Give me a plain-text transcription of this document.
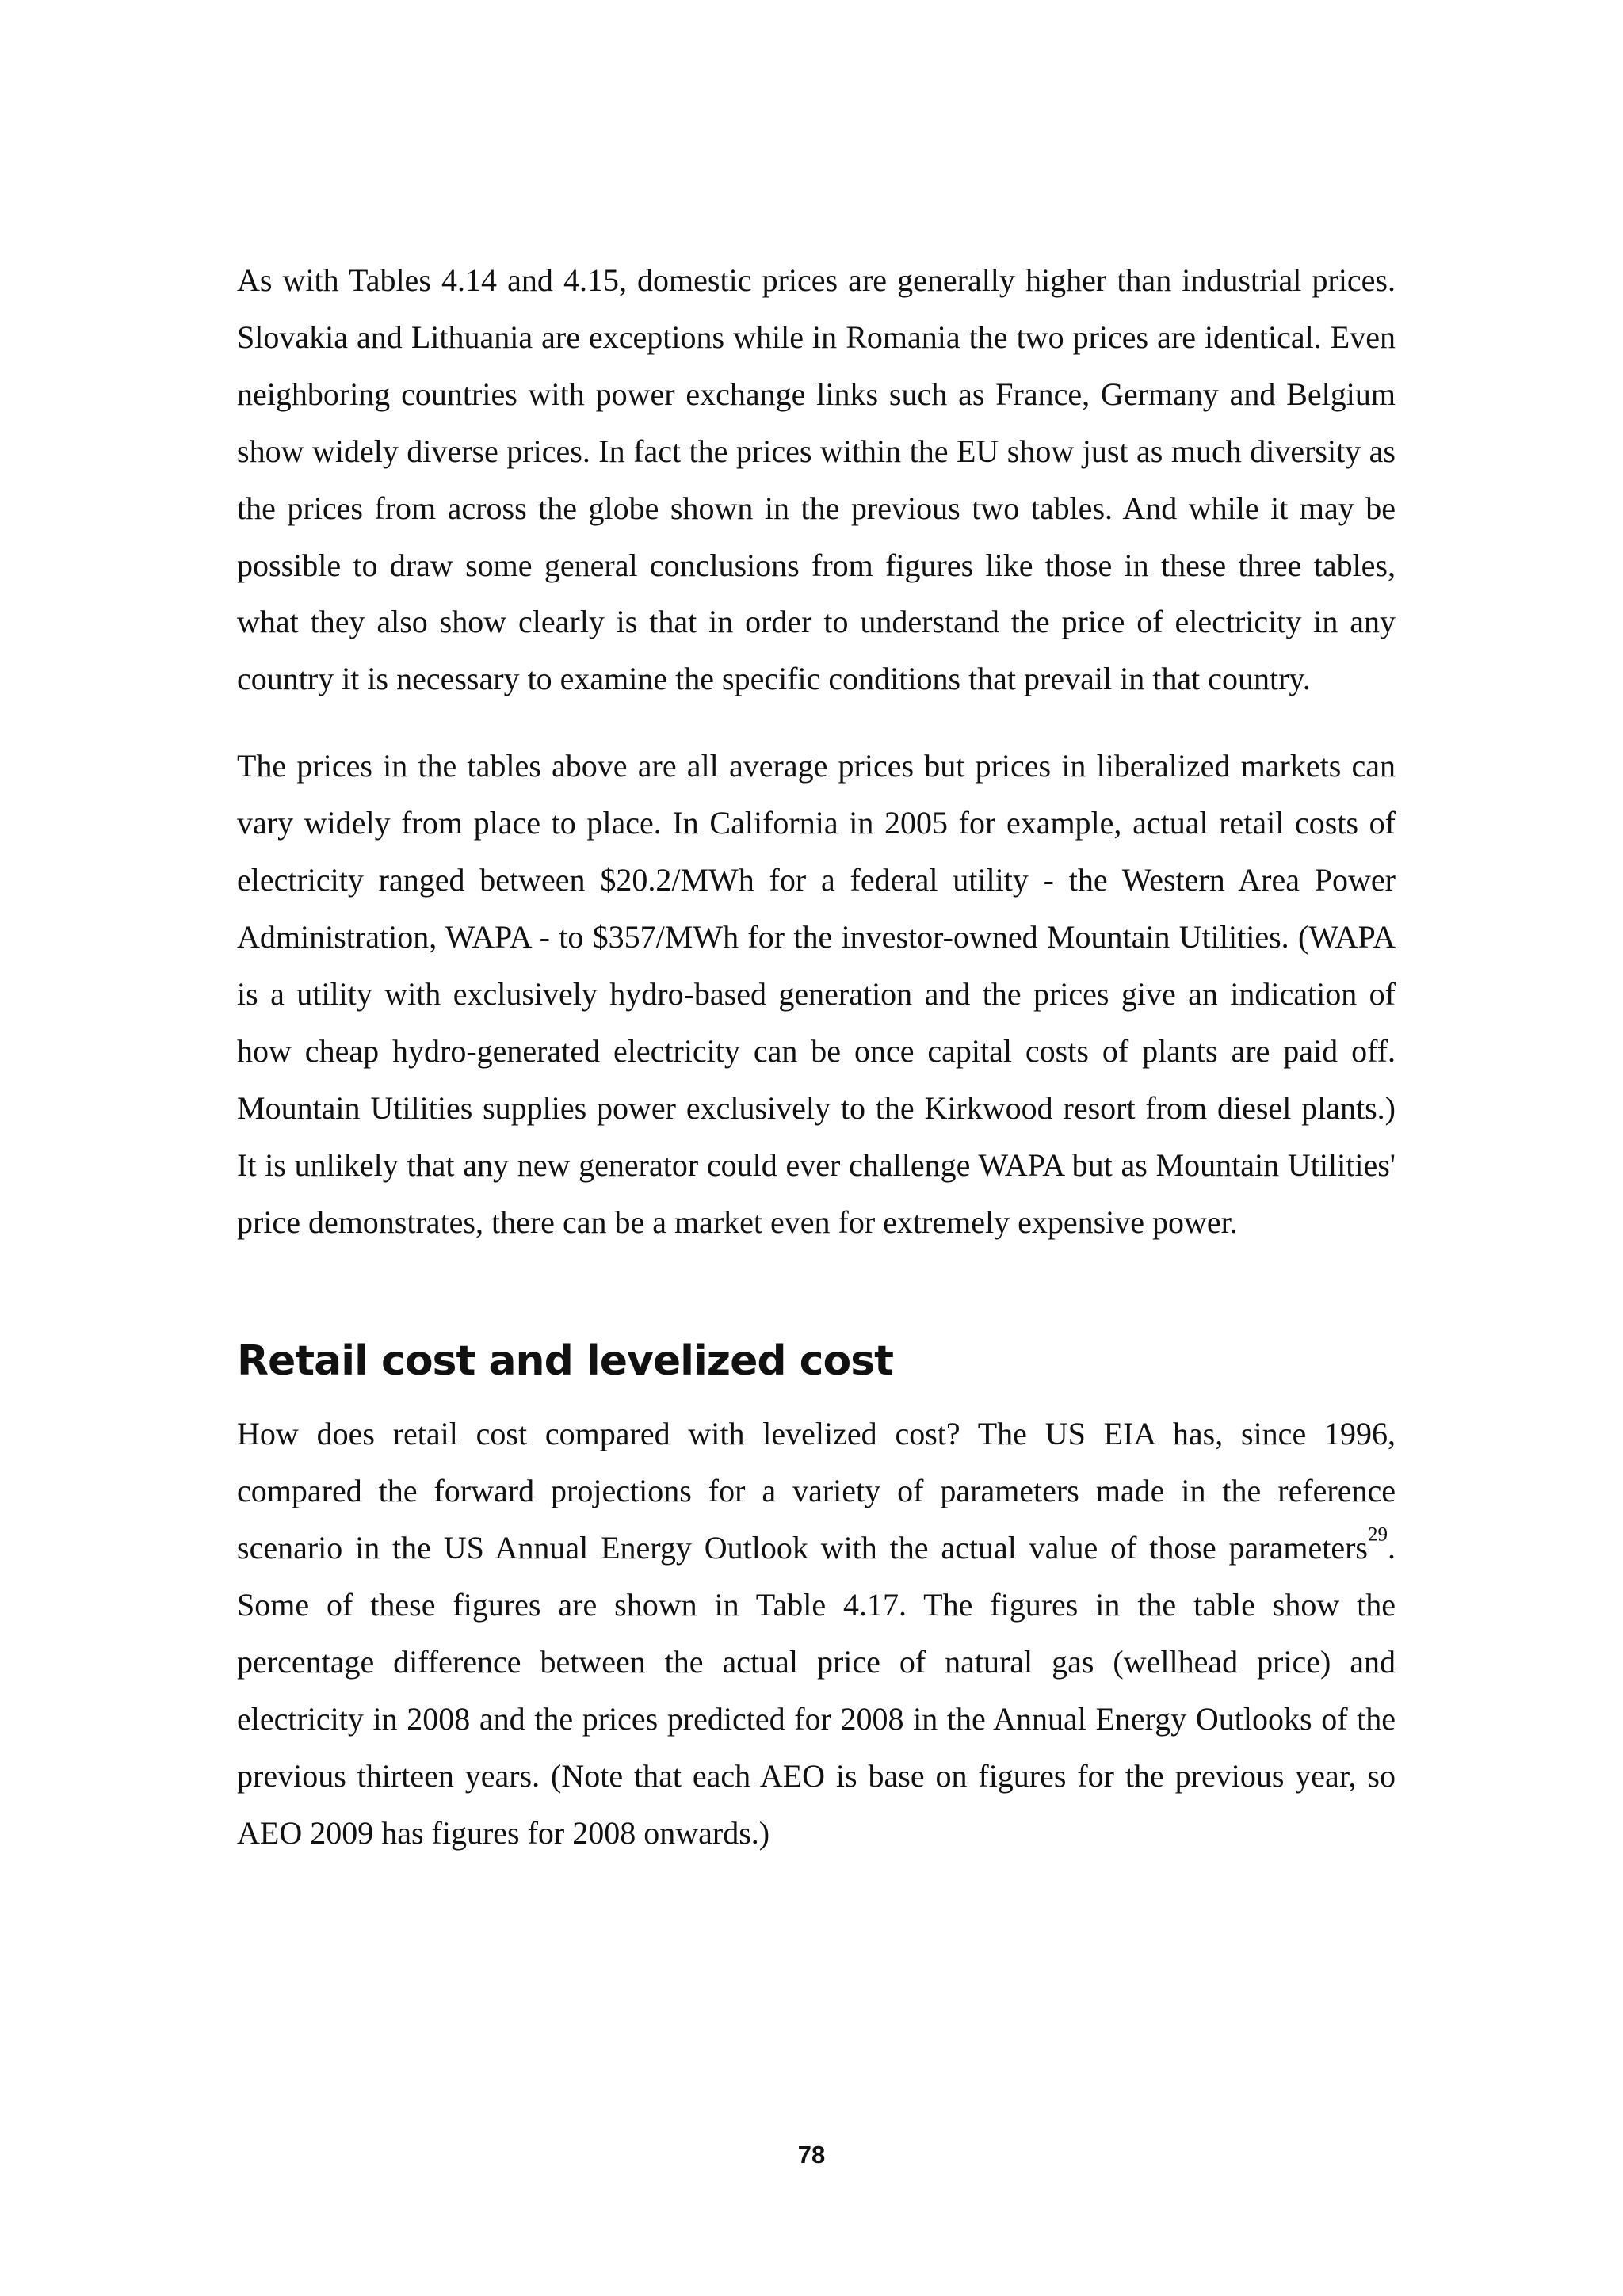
As with Tables 4.14 and 4.15, domestic prices are generally higher than industrial prices. Slovakia and Lithuania are exceptions while in Romania the two prices are identical. Even neighboring countries with power exchange links such as France, Germany and Belgium show widely diverse prices. In fact the prices within the EU show just as much diversity as the prices from across the globe shown in the previous two tables. And while it may be possible to draw some general conclusions from figures like those in these three tables, what they also show clearly is that in order to understand the price of electricity in any country it is necessary to examine the specific conditions that prevail in that country.

The prices in the tables above are all average prices but prices in liberalized markets can vary widely from place to place. In California in 2005 for example, actual retail costs of electricity ranged between $20.2/MWh for a federal utility - the Western Area Power Administration, WAPA - to $357/MWh for the investor-owned Mountain Utilities. (WAPA is a utility with exclusively hydro-based generation and the prices give an indication of how cheap hydro-generated electricity can be once capital costs of plants are paid off. Mountain Utilities supplies power exclusively to the Kirkwood resort from diesel plants.) It is unlikely that any new generator could ever challenge WAPA but as Mountain Utilities' price demonstrates, there can be a market even for extremely expensive power.

Retail cost and levelized cost

How does retail cost compared with levelized cost? The US EIA has, since 1996, compared the forward projections for a variety of parameters made in the reference scenario in the US Annual Energy Outlook with the actual value of those parameters$^{29}$. Some of these figures are shown in Table 4.17. The figures in the table show the percentage difference between the actual price of natural gas (wellhead price) and electricity in 2008 and the prices predicted for 2008 in the Annual Energy Outlooks of the previous thirteen years. (Note that each AEO is base on figures for the previous year, so AEO 2009 has figures for 2008 onwards.)

78
